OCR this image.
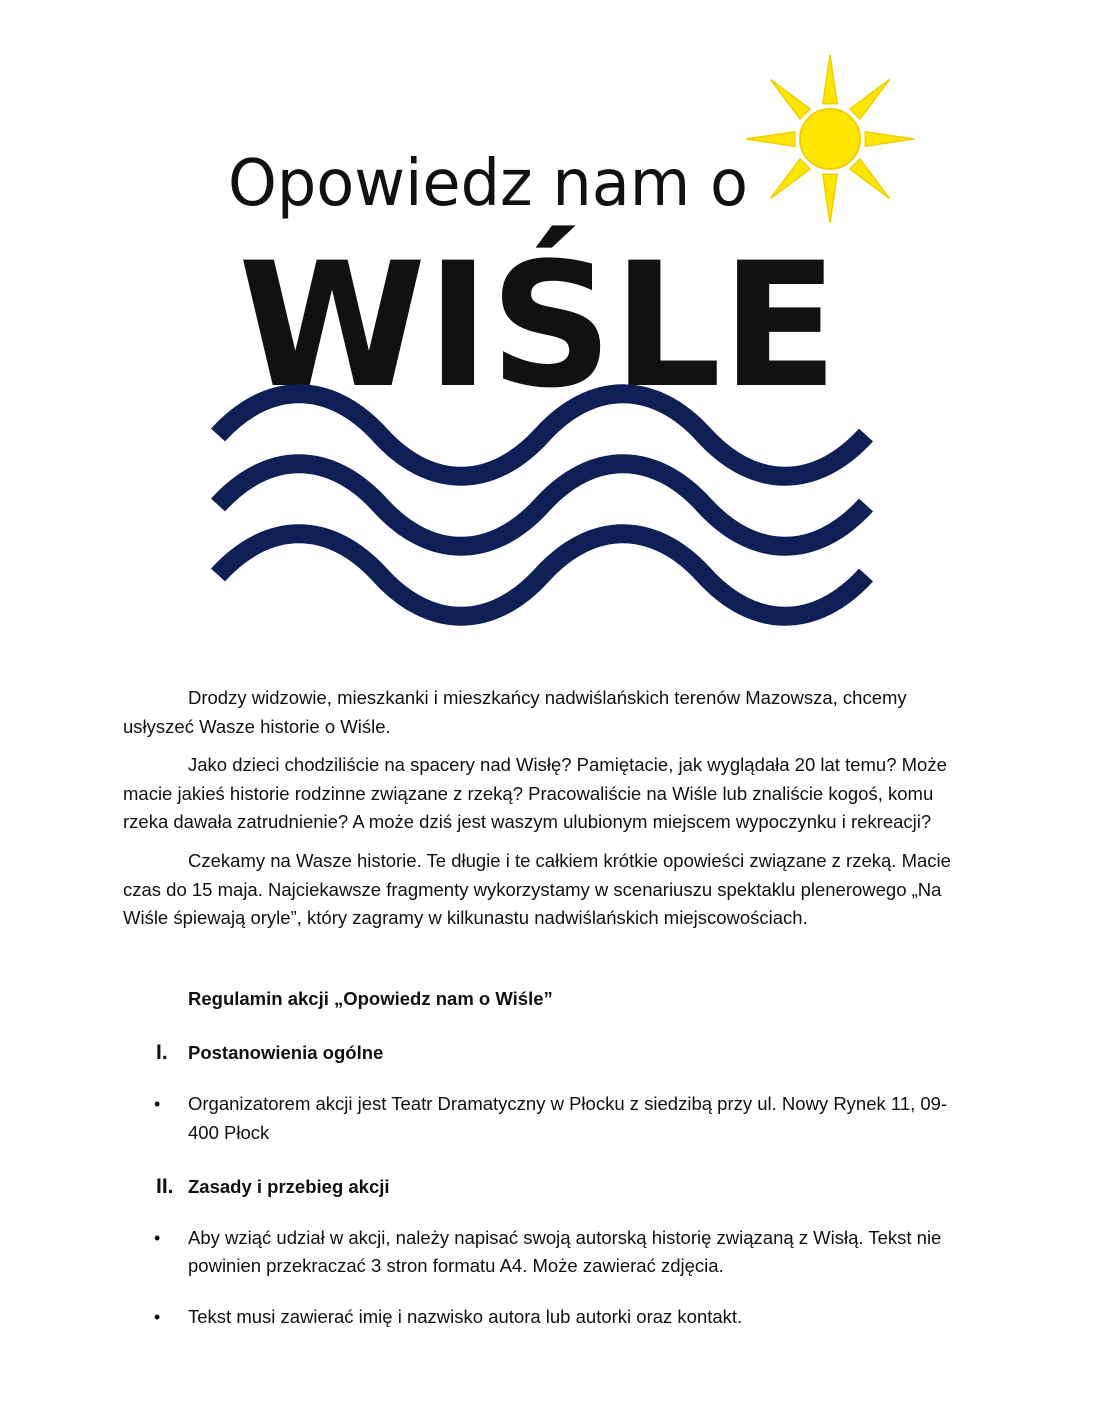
Opowiedz nam o
WIŚLE

Drodzy widzowie, mieszkanki i mieszkańcy nadwiślańskich terenów Mazowsza, chcemy usłyszeć Wasze historie o Wiśle.

Jako dzieci chodziliście na spacery nad Wisłę? Pamiętacie, jak wyglądała 20 lat temu? Może macie jakieś historie rodzinne związane z rzeką? Pracowaliście na Wiśle lub znaliście kogoś, komu rzeka dawała zatrudnienie? A może dziś jest waszym ulubionym miejscem wypoczynku i rekreacji?

Czekamy na Wasze historie. Te długie i te całkiem krótkie opowieści związane z rzeką. Macie czas do 15 maja. Najciekawsze fragmenty wykorzystamy w scenariuszu spektaklu plenerowego „Na Wiśle śpiewają oryle”, który zagramy w kilkunastu nadwiślańskich miejscowościach.

Regulamin akcji „Opowiedz nam o Wiśle”
I.	Postanowienia ogólne
•	Organizatorem akcji jest Teatr Dramatyczny w Płocku z siedzibą przy ul. Nowy Rynek 11, 09-400 Płock
II. Zasady i przebieg akcji
•	Aby wziąć udział w akcji, należy napisać swoją autorską historię związaną z Wisłą. Tekst nie powinien przekraczać 3 stron formatu A4. Może zawierać zdjęcia.
•	Tekst musi zawierać imię i nazwisko autora lub autorki oraz kontakt.
